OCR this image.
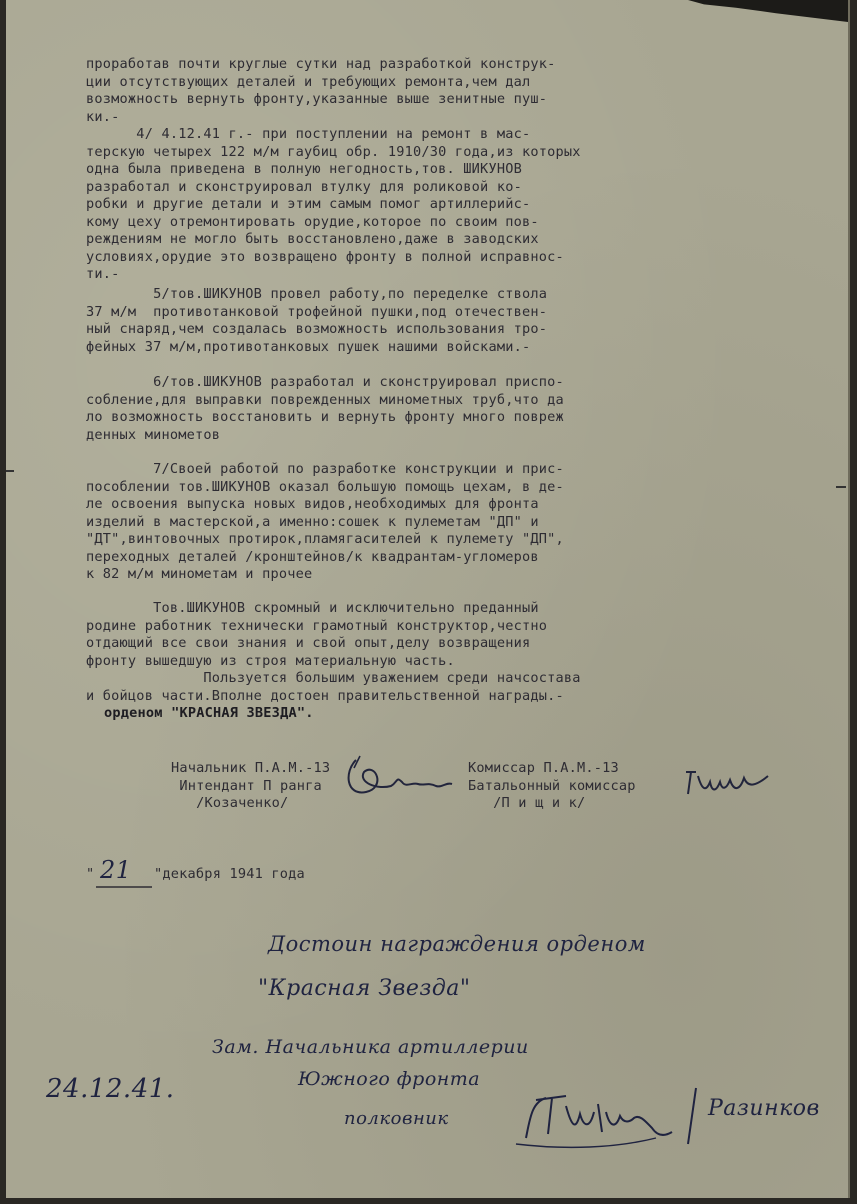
проработав почти круглые сутки над разработкой конструк-
ции отсутствующих деталей и требующих ремонта,чем дал
возможность вернуть фронту,указанные выше зенитные пуш-
ки.-
4/ 4.12.41 г.- при поступлении на ремонт в мас-
терскую четырех 122 м/м гаубиц обр. 1910/30 года,из которых
одна была приведена в полную негодность,тов. ШИКУНОВ
разработал и сконструировал втулку для роликовой ко-
робки и другие детали и этим самым помог артиллерийс-
кому цеху отремонтировать орудие,которое по своим пов-
реждениям не могло быть восстановлено,даже в заводских
условиях,орудие это возвращено фронту в полной исправнос-
ти.-
5/тов.ШИКУНОВ провел работу,по переделке ствола
37 м/м  противотанковой трофейной пушки,под отечествен-
ный снаряд,чем создалась возможность использования тро-
фейных 37 м/м,противотанковых пушек нашими войсками.-
6/тов.ШИКУНОВ разработал и сконструировал приспо-
собление,для выправки поврежденных минометных труб,что да
ло возможность восстановить и вернуть фронту много повреж
денных минометов
7/Своей работой по разработке конструкции и прис-
пособлении тов.ШИКУНОВ оказал большую помощь цехам, в де-
ле освоения выпуска новых видов,необходимых для фронта
изделий в мастерской,а именно:сошек к пулеметам "ДП" и
"ДТ",винтовочных протирок,пламягасителей к пулемету "ДП",
переходных деталей /кронштейнов/к квадрантам-угломеров
к 82 м/м минометам и прочее
Тов.ШИКУНОВ скромный и исключительно преданный
родине работник технически грамотный конструктор,честно
отдающий все свои знания и свой опыт,делу возвращения
фронту вышедшую из строя материальную часть.
Пользуется большим уважением среди начсостава
и бойцов части.Вполне достоен правительственной награды.-
орденом "КРАСНАЯ ЗВЕЗДА".
Начальник П.А.М.-13
Интендант П ранга
/Козаченко/
Комиссар П.А.М.-13
Батальонный комиссар
/П и щ и к/
" 21 "декабря 1941 года
Достоин награждения орденом
"Красная Звезда"
Зам. Начальника артиллерии
Южного фронта
24.12.41.
полковник	Разинков
